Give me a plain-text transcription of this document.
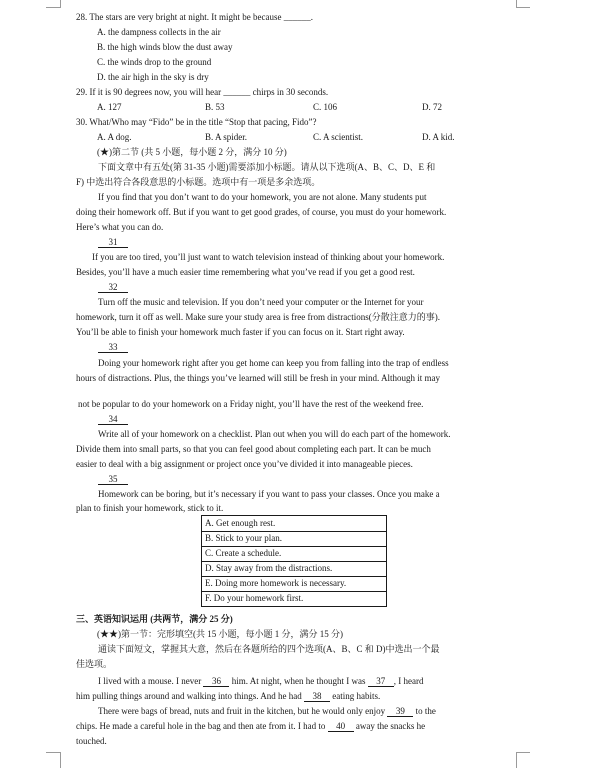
28. The stars are very bright at night. It might be because ______.
A. the dampness collects in the air
B. the high winds blow the dust away
C. the winds drop to the ground
D. the air high in the sky is dry
29. If it is 90 degrees now, you will hear ______ chirps in 30 seconds.
A. 127	B. 53	C. 106	D. 72
30. What/Who may “Fido” be in the title “Stop that pacing, Fido”?
A. A dog.	B. A spider.	C. A scientist.	D. A kid.
(★)第二节 (共 5 小题，每小题 2 分，满分 10 分)
下面文章中有五处(第 31-35 小题)需要添加小标题。请从以下选项(A、B、C、D、E 和
F) 中选出符合各段意思的小标题。选项中有一项是多余选项。
If you find that you don’t want to do your homework, you are not alone. Many students put
doing their homework off. But if you want to get good grades, of course, you must do your homework.
Here’s what you can do.
31
If you are too tired, you’ll just want to watch television instead of thinking about your homework.
Besides, you’ll have a much easier time remembering what you’ve read if you get a good rest.
32
Turn off the music and television. If you don’t need your computer or the Internet for your
homework, turn it off as well. Make sure your study area is free from distractions(分散注意力的事).
You’ll be able to finish your homework much faster if you can focus on it. Start right away.
33
Doing your homework right after you get home can keep you from falling into the trap of endless
hours of distractions. Plus, the things you’ve learned will still be fresh in your mind. Although it may
not be popular to do your homework on a Friday night, you’ll have the rest of the weekend free.
34
Write all of your homework on a checklist. Plan out when you will do each part of the homework.
Divide them into small parts, so that you can feel good about completing each part. It can be much
easier to deal with a big assignment or project once you’ve divided it into manageable pieces.
35
Homework can be boring, but it’s necessary if you want to pass your classes. Once you make a
plan to finish your homework, stick to it.
A. Get enough rest.
B. Stick to your plan.
C. Create a schedule.
D. Stay away from the distractions.
E. Doing more homework is necessary.
F. Do your homework first.
三、英语知识运用 (共两节，满分 25 分)
(★★)第一节：完形填空(共 15 小题，每小题 1 分，满分 15 分)
通读下面短文，掌握其大意，然后在各题所给的四个选项(A、B、C 和 D)中选出一个最
佳选项。
I lived with a mouse. I never 36 him. At night, when he thought I was 37 , I heard
him pulling things around and walking into things. And he had 38 eating habits.
There were bags of bread, nuts and fruit in the kitchen, but he would only enjoy 39 to the
chips. He made a careful hole in the bag and then ate from it. I had to 40 away the snacks he
touched.
